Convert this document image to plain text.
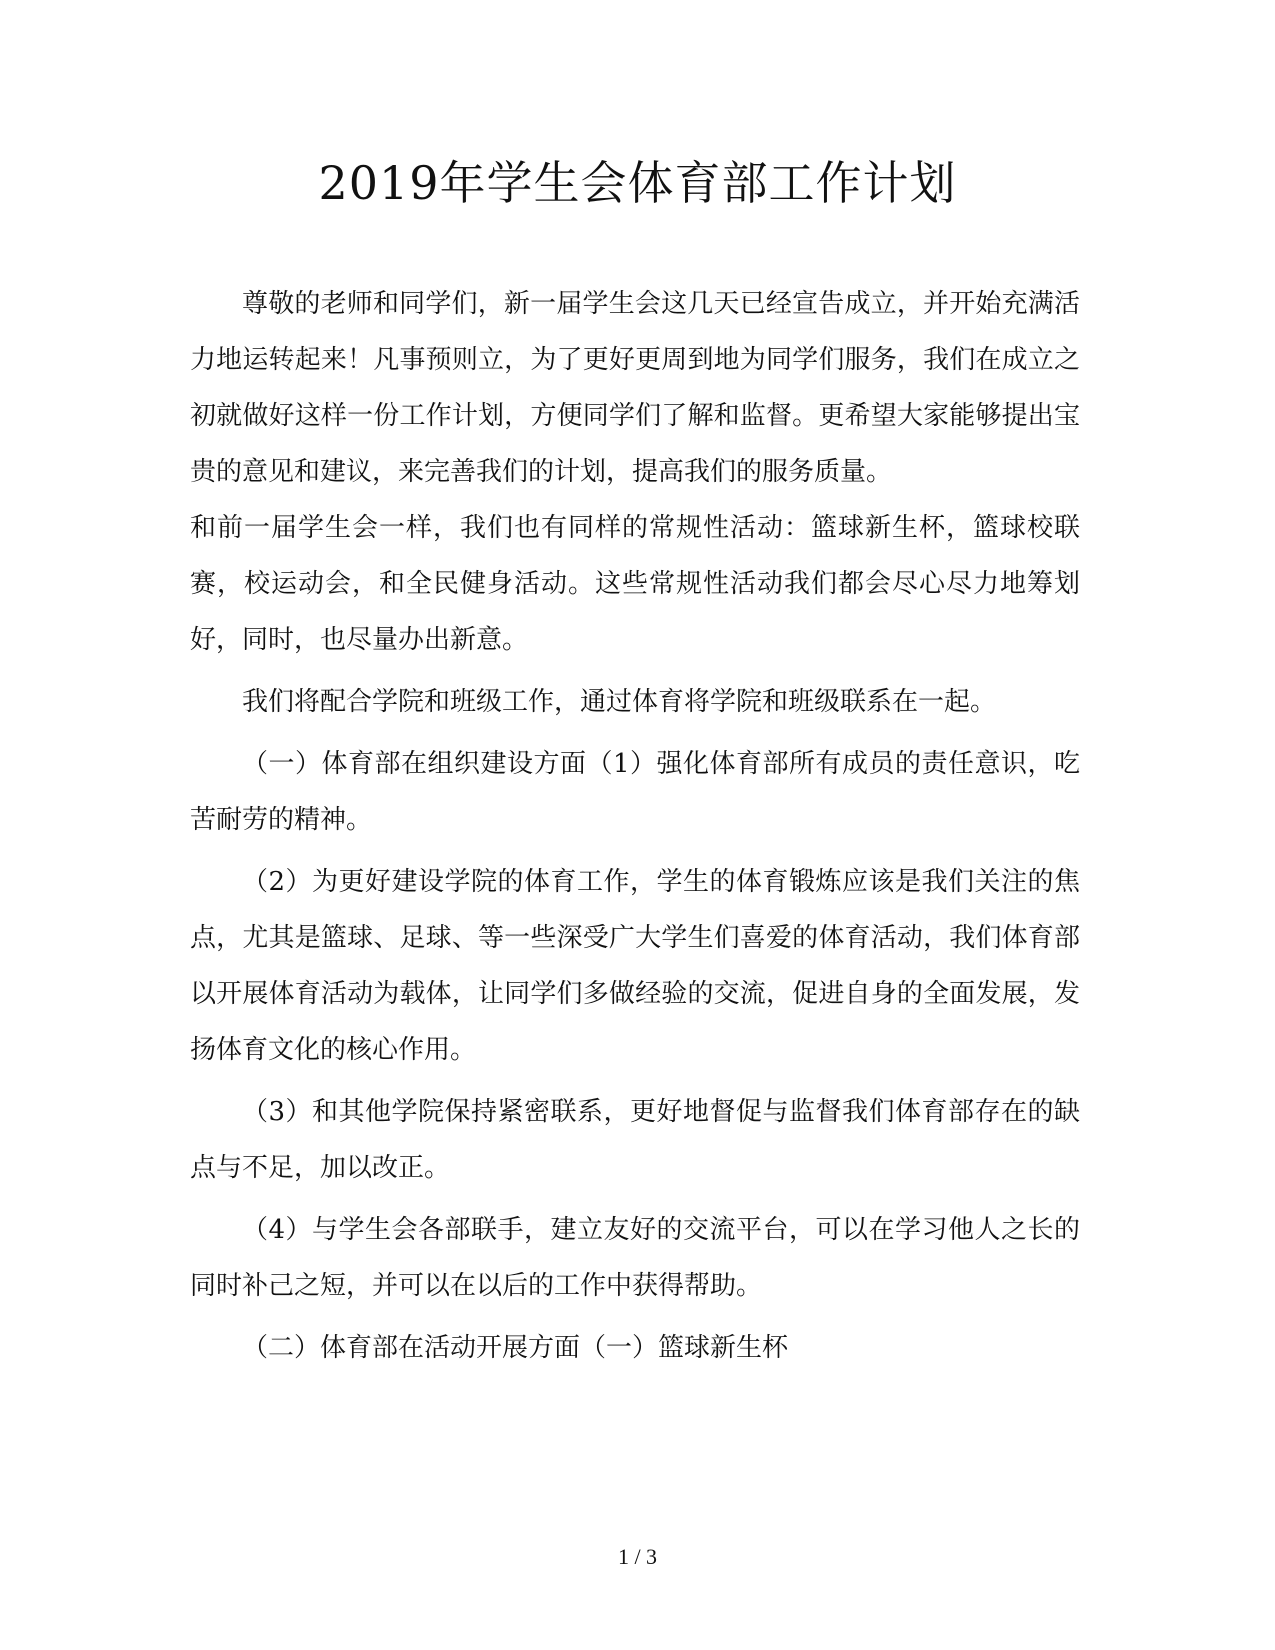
2019年学生会体育部工作计划

尊敬的老师和同学们，新一届学生会这几天已经宣告成立，并开始充满活力地运转起来！凡事预则立，为了更好更周到地为同学们服务，我们在成立之初就做好这样一份工作计划，方便同学们了解和监督。更希望大家能够提出宝贵的意见和建议，来完善我们的计划，提高我们的服务质量。

和前一届学生会一样，我们也有同样的常规性活动：篮球新生杯，篮球校联赛，校运动会，和全民健身活动。这些常规性活动我们都会尽心尽力地筹划好，同时，也尽量办出新意。

我们将配合学院和班级工作，通过体育将学院和班级联系在一起。

（一）体育部在组织建设方面（1）强化体育部所有成员的责任意识，吃苦耐劳的精神。

（2）为更好建设学院的体育工作，学生的体育锻炼应该是我们关注的焦点，尤其是篮球、足球、等一些深受广大学生们喜爱的体育活动，我们体育部以开展体育活动为载体，让同学们多做经验的交流，促进自身的全面发展，发扬体育文化的核心作用。

（3）和其他学院保持紧密联系，更好地督促与监督我们体育部存在的缺点与不足，加以改正。

（4）与学生会各部联手，建立友好的交流平台，可以在学习他人之长的同时补己之短，并可以在以后的工作中获得帮助。

（二）体育部在活动开展方面（一）篮球新生杯

1 / 3
